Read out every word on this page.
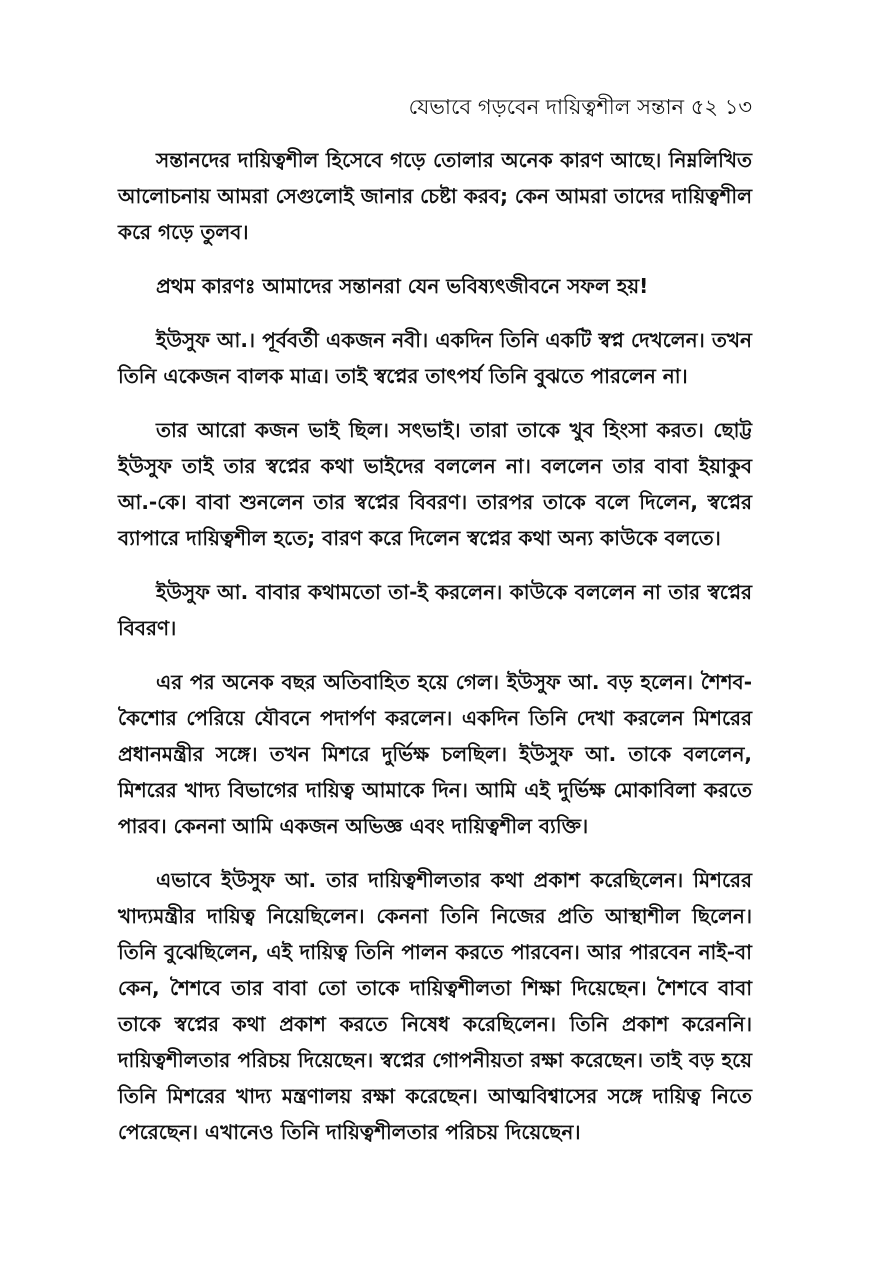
যেভাবে গড়বেন দায়িত্বশীল সন্তান ৫২ ১৩

সন্তানদের দায়িত্বশীল হিসেবে গড়ে তোলার অনেক কারণ আছে। নিম্নলিখিত আলোচনায় আমরা সেগুলোই জানার চেষ্টা করব; কেন আমরা তাদের দায়িত্বশীল করে গড়ে তুলব।

প্রথম কারণঃ আমাদের সন্তানরা যেন ভবিষ্যৎজীবনে সফল হয়!

ইউসুফ আ.। পূর্ববর্তী একজন নবী। একদিন তিনি একটি স্বপ্ন দেখলেন। তখন তিনি একেজন বালক মাত্র। তাই স্বপ্নের তাৎপর্য তিনি বুঝতে পারলেন না।

তার আরো কজন ভাই ছিল। সৎভাই। তারা তাকে খুব হিংসা করত। ছোট্ট ইউসুফ তাই তার স্বপ্নের কথা ভাইদের বললেন না। বললেন তার বাবা ইয়াকুব আ.-কে। বাবা শুনলেন তার স্বপ্নের বিবরণ। তারপর তাকে বলে দিলেন, স্বপ্নের ব্যাপারে দায়িত্বশীল হতে; বারণ করে দিলেন স্বপ্নের কথা অন্য কাউকে বলতে।

ইউসুফ আ. বাবার কথামতো তা-ই করলেন। কাউকে বললেন না তার স্বপ্নের বিবরণ।

এর পর অনেক বছর অতিবাহিত হয়ে গেল। ইউসুফ আ. বড় হলেন। শৈশব-কৈশোর পেরিয়ে যৌবনে পদার্পণ করলেন। একদিন তিনি দেখা করলেন মিশরের প্রধানমন্ত্রীর সঙ্গে। তখন মিশরে দুর্ভিক্ষ চলছিল। ইউসুফ আ. তাকে বললেন, মিশরের খাদ্য বিভাগের দায়িত্ব আমাকে দিন। আমি এই দুর্ভিক্ষ মোকাবিলা করতে পারব। কেননা আমি একজন অভিজ্ঞ এবং দায়িত্বশীল ব্যক্তি।

এভাবে ইউসুফ আ. তার দায়িত্বশীলতার কথা প্রকাশ করেছিলেন। মিশরের খাদ্যমন্ত্রীর দায়িত্ব নিয়েছিলেন। কেননা তিনি নিজের প্রতি আস্থাশীল ছিলেন। তিনি বুঝেছিলেন, এই দায়িত্ব তিনি পালন করতে পারবেন। আর পারবেন নাই-বা কেন, শৈশবে তার বাবা তো তাকে দায়িত্বশীলতা শিক্ষা দিয়েছেন। শৈশবে বাবা তাকে স্বপ্নের কথা প্রকাশ করতে নিষেধ করেছিলেন। তিনি প্রকাশ করেননি। দায়িত্বশীলতার পরিচয় দিয়েছেন। স্বপ্নের গোপনীয়তা রক্ষা করেছেন। তাই বড় হয়ে তিনি মিশরের খাদ্য মন্ত্রণালয় রক্ষা করেছেন। আত্মবিশ্বাসের সঙ্গে দায়িত্ব নিতে পেরেছেন। এখানেও তিনি দায়িত্বশীলতার পরিচয় দিয়েছেন।
